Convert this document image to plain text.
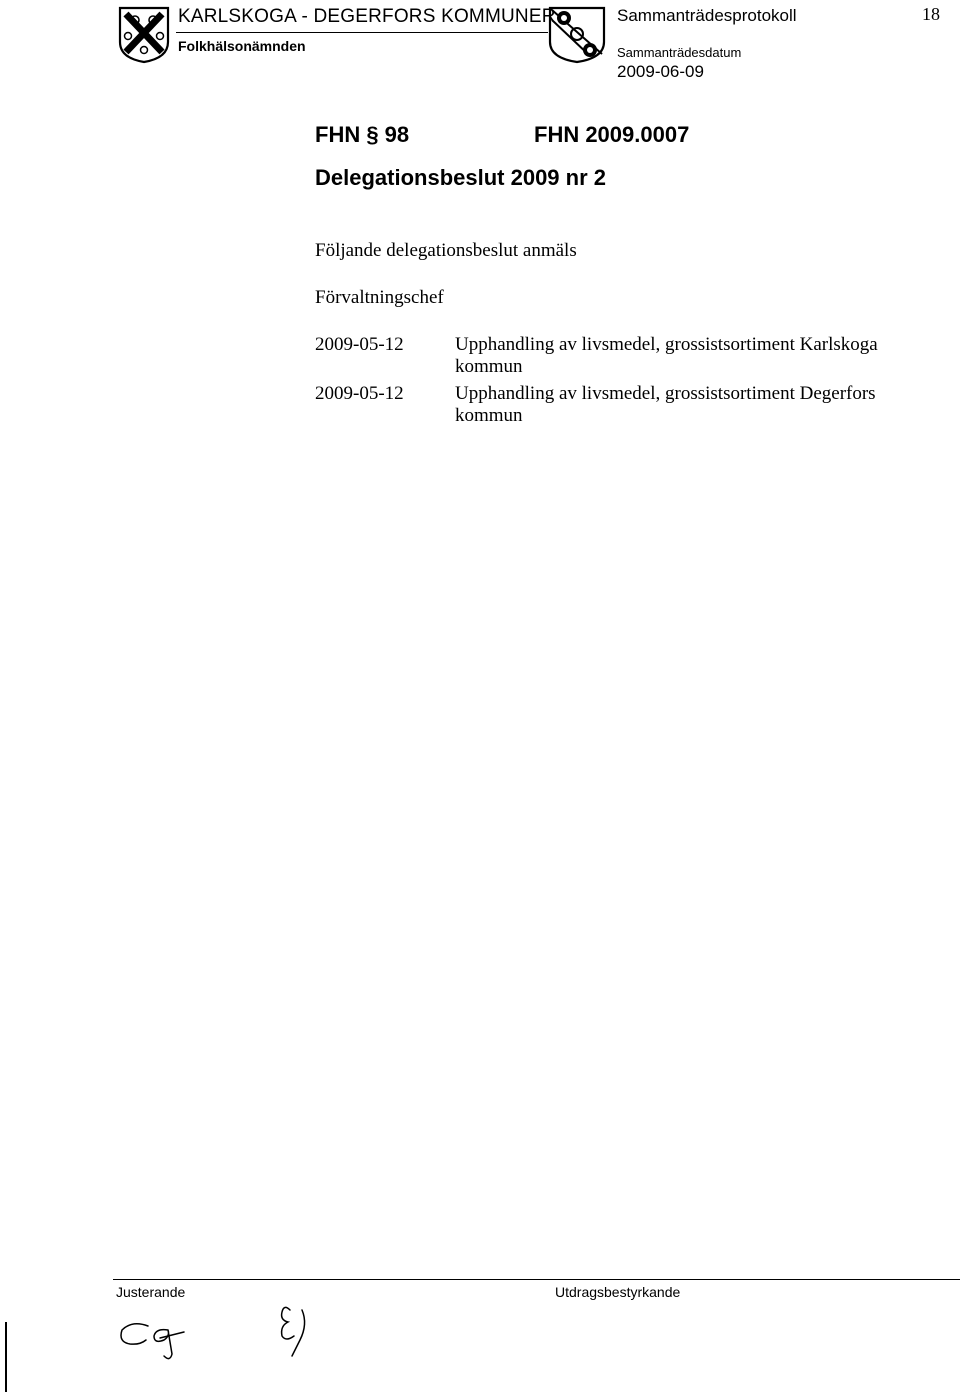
KARLSKOGA - DEGERFORS KOMMUNER
Folkhälsonämnden
Sammanträdesprotokoll	18
Sammanträdesdatum
2009-06-09
FHN § 98	FHN 2009.0007
Delegationsbeslut 2009 nr 2
Följande delegationsbeslut anmäls
Förvaltningschef
2009-05-12	Upphandling av livsmedel, grossistsortiment Karlskoga kommun
2009-05-12	Upphandling av livsmedel, grossistsortiment Degerfors kommun
Justerande	Utdragsbestyrkande
